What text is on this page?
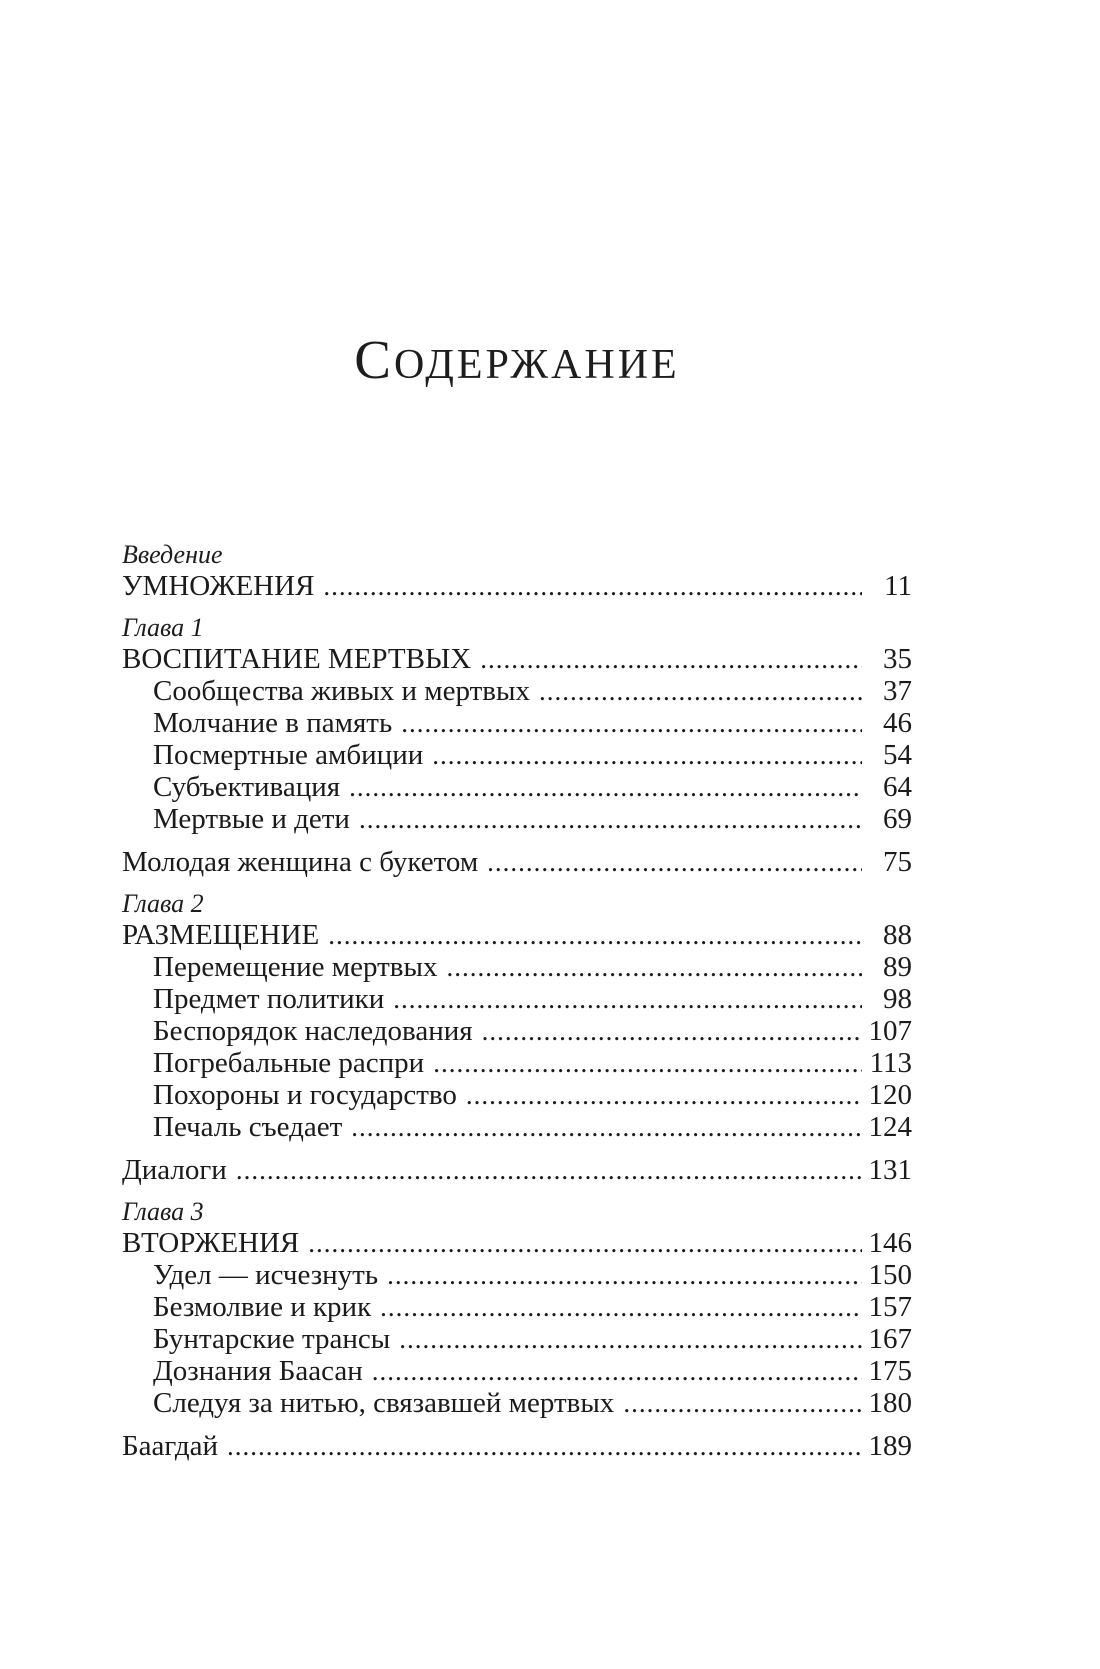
СОДЕРЖАНИЕ
Введение
УМНОЖЕНИЯ .....	11
Глава 1
ВОСПИТАНИЕ МЕРТВЫХ .....	35
Сообщества живых и мертвых .....	37
Молчание в память .....	46
Посмертные амбиции .....	54
Субъективация .....	64
Мертвые и дети .....	69
Молодая женщина с букетом .....	75
Глава 2
РАЗМЕЩЕНИЕ .....	88
Перемещение мертвых .....	89
Предмет политики .....	98
Беспорядок наследования .....	107
Погребальные распри .....	113
Похороны и государство .....	120
Печаль съедает .....	124
Диалоги .....	131
Глава 3
ВТОРЖЕНИЯ .....	146
Удел — исчезнуть .....	150
Безмолвие и крик .....	157
Бунтарские трансы .....	167
Дознания Баасан .....	175
Следуя за нитью, связавшей мертвых .....	180
Баагдай .....	189
